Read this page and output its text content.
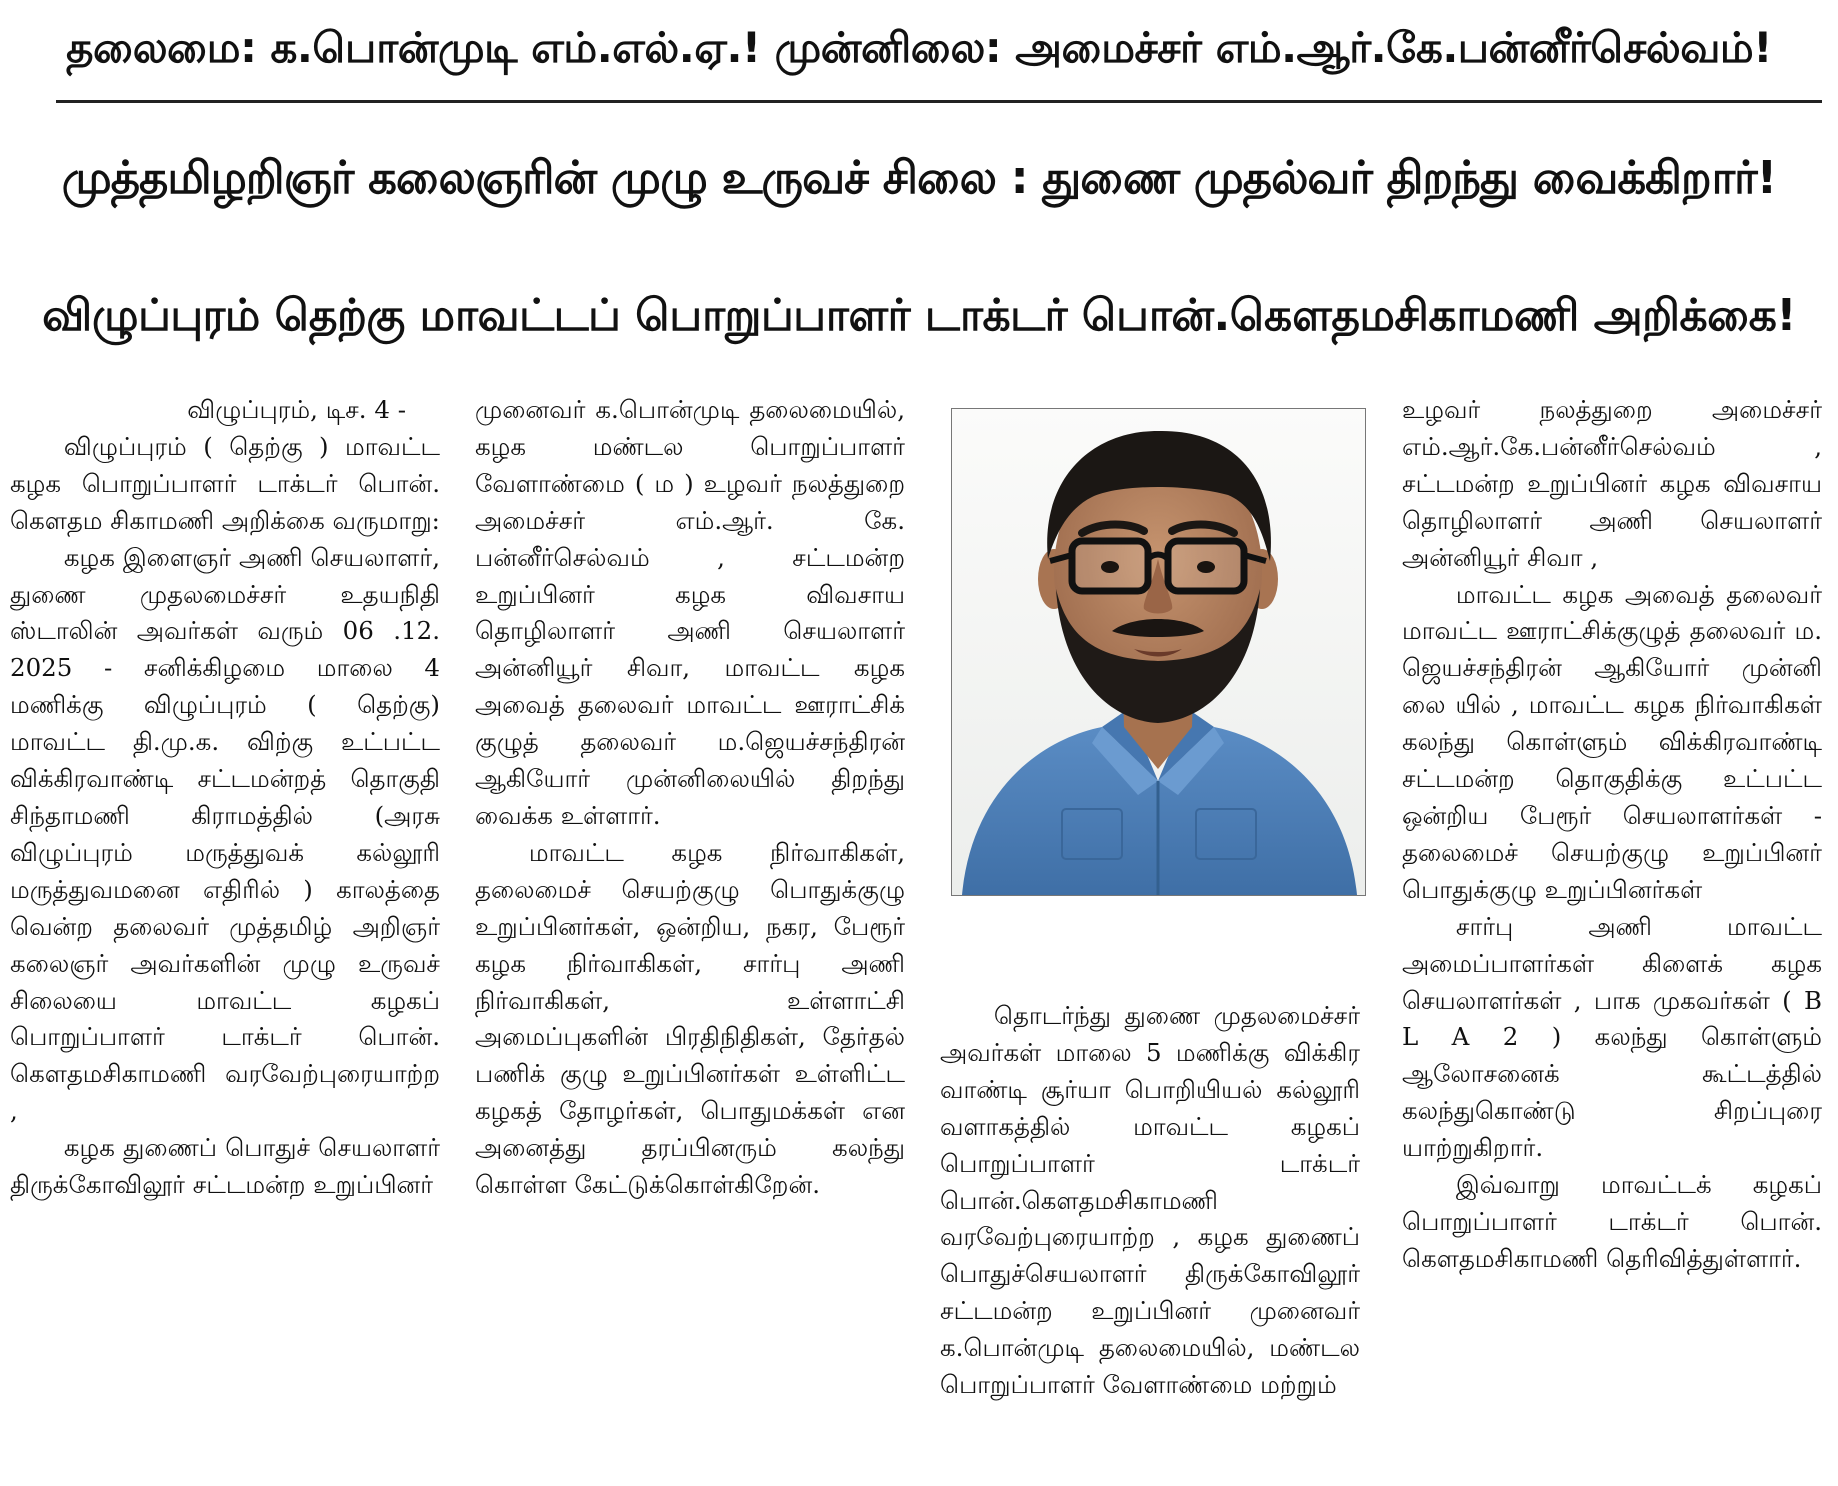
தலைமை: க.பொன்முடி எம்.எல்.ஏ.! முன்னிலை: அமைச்சர் எம்.ஆர்.கே.பன்னீர்செல்வம்!
முத்தமிழறிஞர் கலைஞரின் முழு உருவச் சிலை : துணை முதல்வர் திறந்து வைக்கிறார்!
விழுப்புரம் தெற்கு மாவட்டப் பொறுப்பாளர் டாக்டர் பொன்.கௌதமசிகாமணி அறிக்கை!

விழுப்புரம், டிச. 4 -

விழுப்புரம் ( தெற்கு ) மாவட்ட கழக பொறுப்பாளர் டாக்டர் பொன். கௌதம சிகாமணி அறிக்கை வருமாறு:

கழக இளைஞர் அணி செயலாளர், துணை முதலமைச்சர் உதயநிதி ஸ்டாலின் அவர்கள் வரும் 06 .12. 2025 - சனிக்கிழமை மாலை 4 மணிக்கு விழுப்புரம் ( தெற்கு) மாவட்ட தி.மு.க. விற்கு உட்பட்ட விக்கிரவாண்டி சட்டமன்றத் தொகுதி சிந்தாமணி கிராமத்தில் (அரசு விழுப்புரம் மருத்துவக் கல்லூரி மருத்துவமனை எதிரில் ) காலத்தை வென்ற தலைவர் முத்தமிழ் அறிஞர் கலைஞர் அவர்களின் முழு உருவச் சிலையை மாவட்ட கழகப் பொறுப்பாளர் டாக்டர் பொன். கௌதமசிகாமணி வரவேற்புரையாற்ற ,

கழக துணைப் பொதுச் செயலாளர் திருக்கோவிலூர் சட்டமன்ற உறுப்பினர்

முனைவர் க.பொன்முடி தலைமையில், கழக மண்டல பொறுப்பாளர் வேளாண்மை ( ம ) உழவர் நலத்துறை அமைச்சர் எம்.ஆர். கே. பன்னீர்செல்வம் , சட்டமன்ற உறுப்பினர் கழக விவசாய தொழிலாளர் அணி செயலாளர் அன்னியூர் சிவா, மாவட்ட கழக அவைத் தலைவர் மாவட்ட ஊராட்சிக் குழுத் தலைவர் ம.ஜெயச்சந்திரன் ஆகியோர் முன்னிலையில் திறந்து வைக்க உள்ளார்.

மாவட்ட கழக நிர்வாகிகள், தலைமைச் செயற்குழு பொதுக்குழு உறுப்பினர்கள், ஒன்றிய, நகர, பேரூர் கழக நிர்வாகிகள், சார்பு அணி நிர்வாகிகள், உள்ளாட்சி அமைப்புகளின் பிரதிநிதிகள், தேர்தல் பணிக் குழு உறுப்பினர்கள் உள்ளிட்ட கழகத் தோழர்கள், பொதுமக்கள் என அனைத்து தரப்பினரும் கலந்து கொள்ள கேட்டுக்கொள்கிறேன்.

தொடர்ந்து துணை முதலமைச்சர் அவர்கள் மாலை 5 மணிக்கு விக்கிர வாண்டி சூர்யா பொறியியல் கல்லூரி வளாகத்தில் மாவட்ட கழகப் பொறுப்பாளர் டாக்டர் பொன்.கௌதமசிகாமணி வரவேற்புரையாற்ற , கழக துணைப் பொதுச்செயலாளர் திருக்கோவிலூர் சட்டமன்ற உறுப்பினர் முனைவர் க.பொன்முடி தலைமையில், மண்டல பொறுப்பாளர் வேளாண்மை மற்றும்

உழவர் நலத்துறை அமைச்சர் எம்.ஆர்.கே.பன்னீர்செல்வம் , சட்டமன்ற உறுப்பினர் கழக விவசாய தொழிலாளர் அணி செயலாளர் அன்னியூர் சிவா ,

மாவட்ட கழக அவைத் தலைவர் மாவட்ட ஊராட்சிக்குழுத் தலைவர் ம. ஜெயச்சந்திரன் ஆகியோர் முன்னி லை யில் , மாவட்ட கழக நிர்வாகிகள் கலந்து கொள்ளும் விக்கிரவாண்டி சட்டமன்ற தொகுதிக்கு உட்பட்ட ஒன்றிய பேரூர் செயலாளர்கள் - தலைமைச் செயற்குழு உறுப்பினர் பொதுக்குழு உறுப்பினர்கள்

சார்பு அணி மாவட்ட அமைப்பாளர்கள் கிளைக் கழக செயலாளர்கள் , பாக முகவர்கள் ( B L A 2 ) கலந்து கொள்ளும் ஆலோசனைக் கூட்டத்தில் கலந்துகொண்டு சிறப்புரை யாற்றுகிறார்.

இவ்வாறு மாவட்டக் கழகப் பொறுப்பாளர் டாக்டர் பொன். கௌதமசிகாமணி தெரிவித்துள்ளார்.
